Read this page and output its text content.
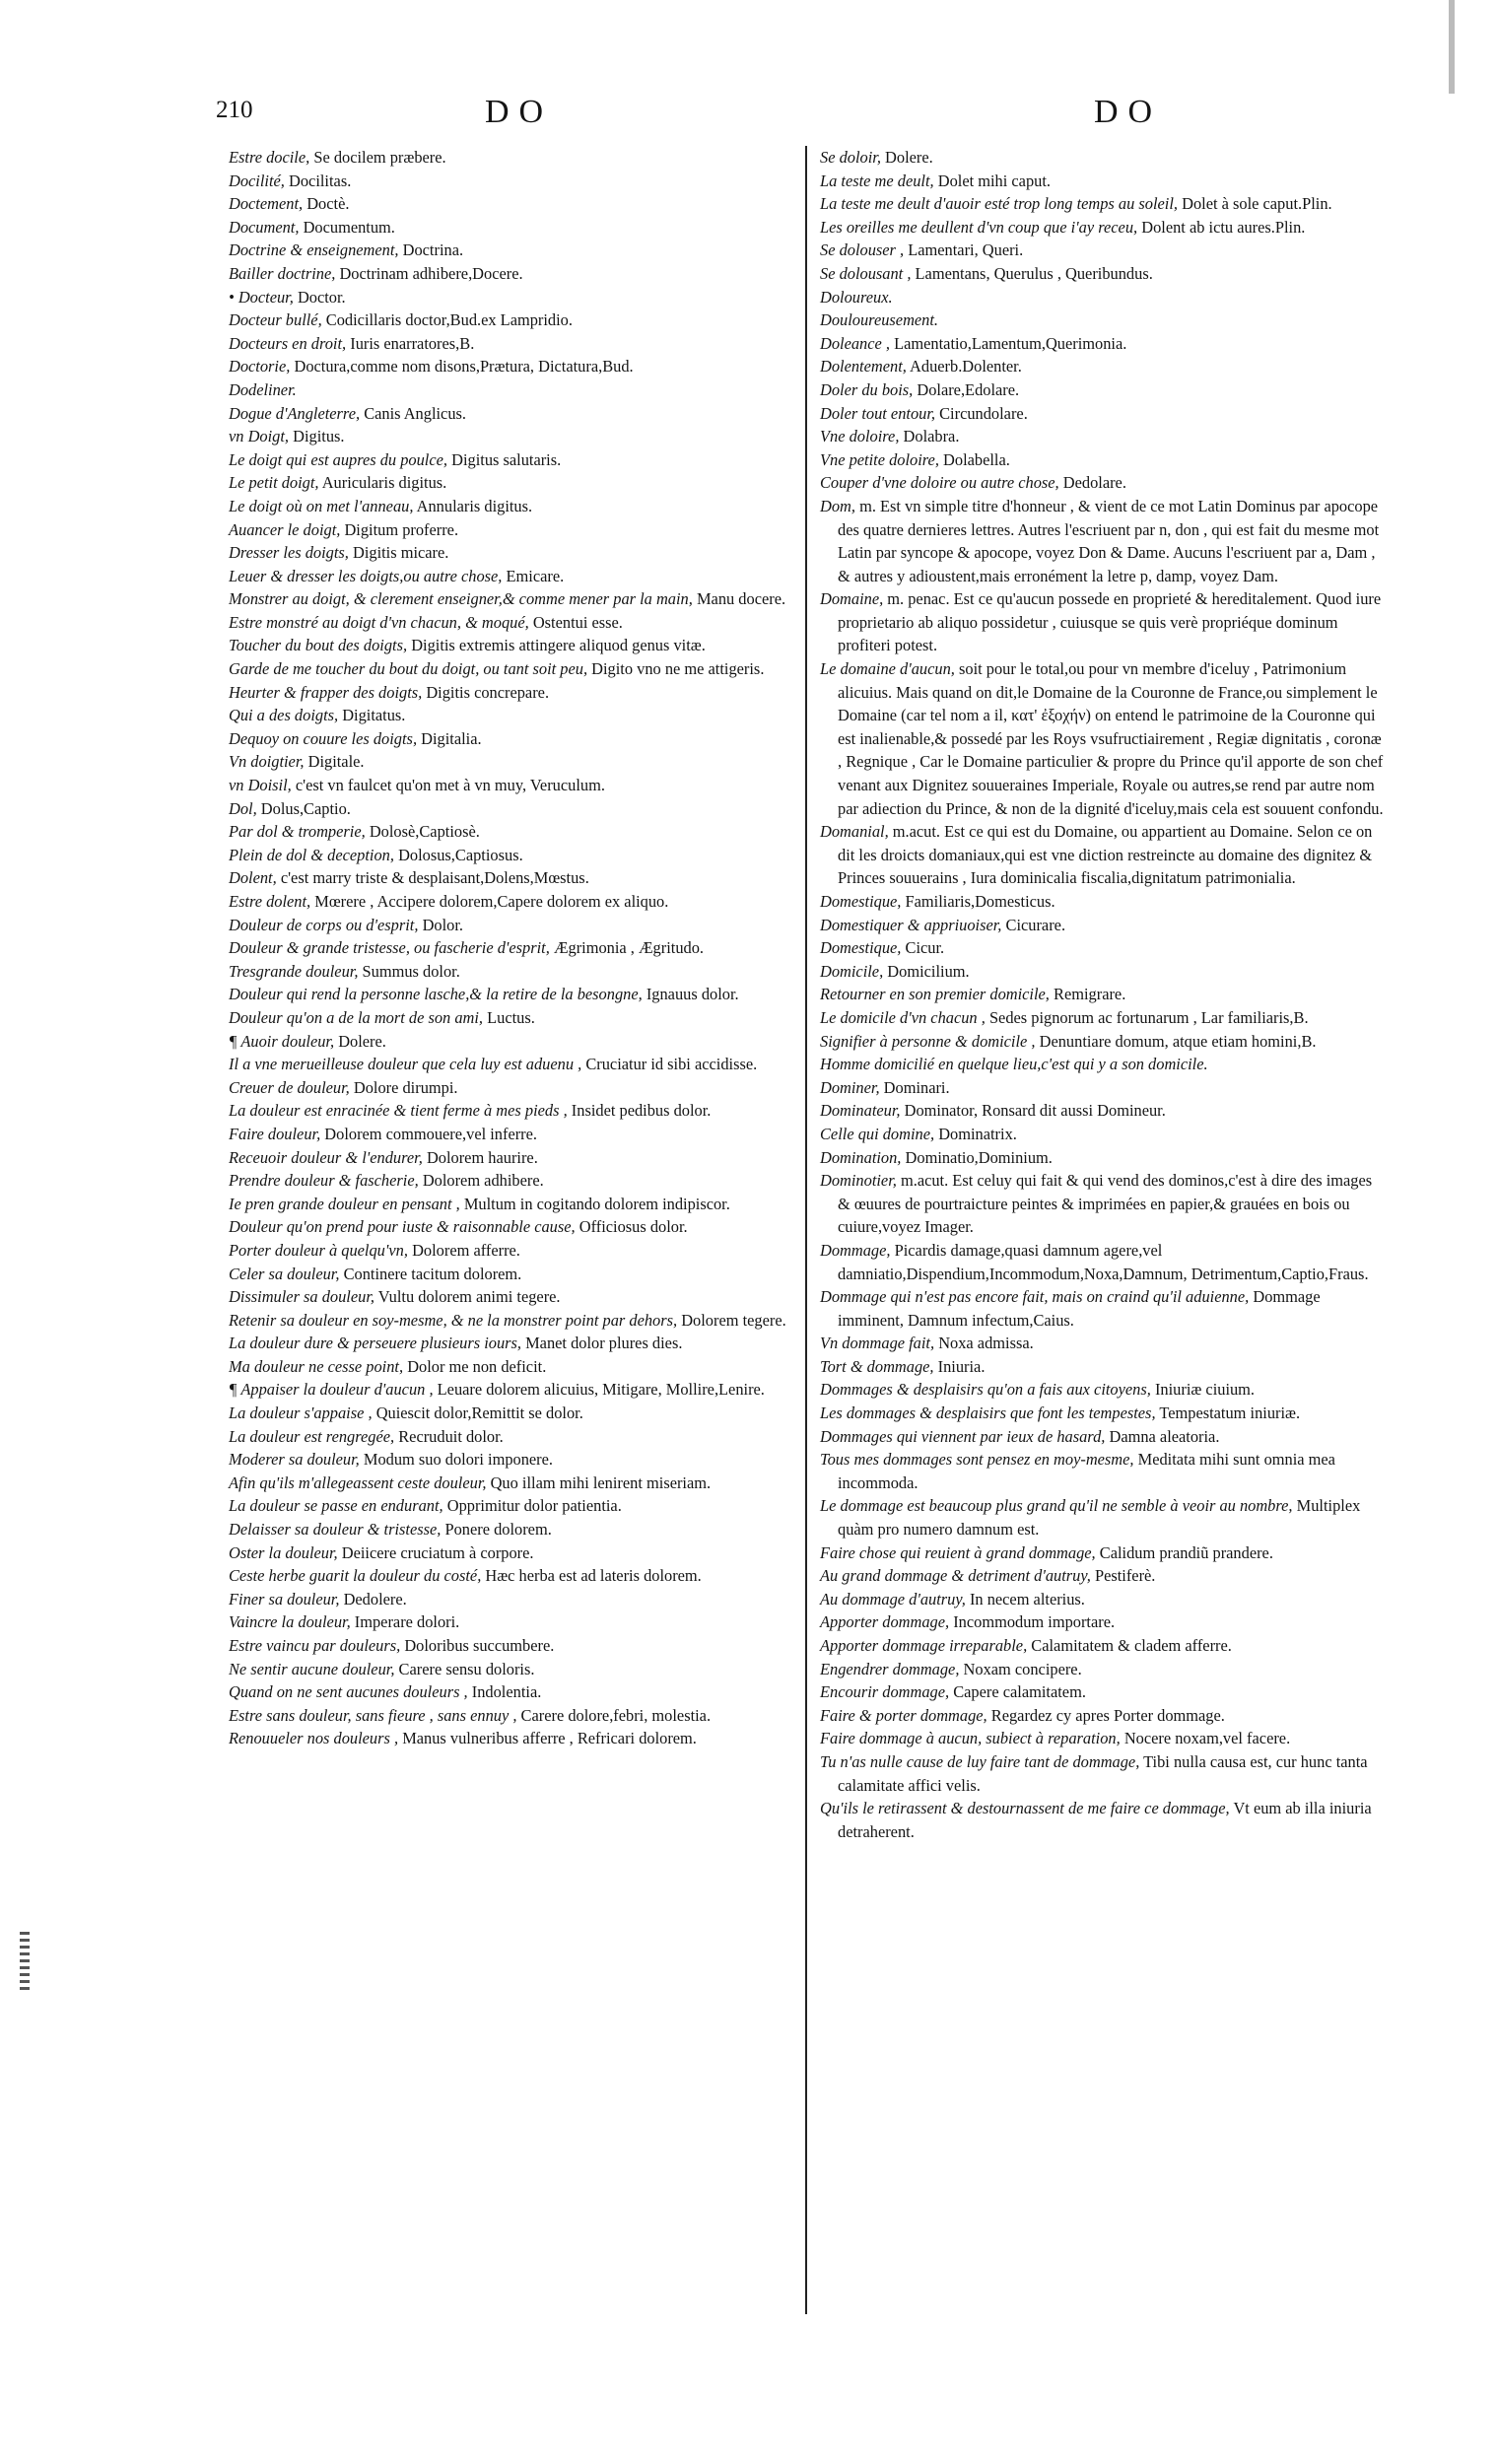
210	DO	DO
Estre docile, Se docilem præbere.
Docilité, Docilitas.
Doctement, Doctè.
Document, Documentum.
Doctrine & enseignement, Doctrina.
Bailler doctrine, Doctrinam adhibere,Docere.
• Docteur, Doctor.
Docteur bullé, Codicillaris doctor,Bud.ex Lampridio.
Docteurs en droit, Iuris enarratores,B.
Doctorie, Doctura,comme nom disons,Prætura, Dictatura,Bud.
Dodeliner.
Dogue d'Angleterre, Canis Anglicus.
vn Doigt, Digitus.
Le doigt qui est aupres du poulce, Digitus salutaris.
Le petit doigt, Auricularis digitus.
Le doigt où on met l'anneau, Annularis digitus.
Auancer le doigt, Digitum proferre.
Dresser les doigts, Digitis micare.
Leuer & dresser les doigts,ou autre chose, Emicare.
Monstrer au doigt, & clerement enseigner,& comme mener par la main, Manu docere.
Estre monstré au doigt d'vn chacun, & moqué, Ostentui esse.
Toucher du bout des doigts, Digitis extremis attingere aliquod genus vitæ.
Garde de me toucher du bout du doigt, ou tant soit peu, Digito vno ne me attigeris.
Heurter & frapper des doigts, Digitis concrepare.
Qui a des doigts, Digitatus.
Dequoy on couure les doigts, Digitalia.
Vn doigtier, Digitale.
vn Doisil, c'est vn faulcet qu'on met à vn muy, Veruculum.
Dol, Dolus,Captio.
Par dol & tromperie, Dolosè,Captiosè.
Plein de dol & deception, Dolosus,Captiosus.
Dolent, c'est marry triste & desplaisant,Dolens,Mœstus.
Estre dolent, Mœrere , Accipere dolorem,Capere dolorem ex aliquo.
Douleur de corps ou d'esprit, Dolor.
Douleur & grande tristesse, ou fascherie d'esprit, Ægrimonia , Ægritudo.
Tresgrande douleur, Summus dolor.
Douleur qui rend la personne lasche,& la retire de la besongne, Ignauus dolor.
Douleur qu'on a de la mort de son ami, Luctus.
¶ Auoir douleur, Dolere.
Il a vne merueilleuse douleur que cela luy est aduenu , Cruciatur id sibi accidisse.
Creuer de douleur, Dolore dirumpi.
La douleur est enracinée & tient ferme à mes pieds , Insidet pedibus dolor.
Faire douleur, Dolorem commouere,vel inferre.
Receuoir douleur & l'endurer, Dolorem haurire.
Prendre douleur & fascherie, Dolorem adhibere.
Ie pren grande douleur en pensant , Multum in cogitando dolorem indipiscor.
Douleur qu'on prend pour iuste & raisonnable cause, Officiosus dolor.
Porter douleur à quelqu'vn, Dolorem afferre.
Celer sa douleur, Continere tacitum dolorem.
Dissimuler sa douleur, Vultu dolorem animi tegere.
Retenir sa douleur en soy-mesme, & ne la monstrer point par dehors, Dolorem tegere.
La douleur dure & perseuere plusieurs iours, Manet dolor plures dies.
Ma douleur ne cesse point, Dolor me non deficit.
¶ Appaiser la douleur d'aucun , Leuare dolorem alicuius, Mitigare, Mollire,Lenire.
La douleur s'appaise , Quiescit dolor,Remittit se dolor.
La douleur est rengregée, Recruduit dolor.
Moderer sa douleur, Modum suo dolori imponere.
Afin qu'ils m'allegeassent ceste douleur, Quo illam mihi lenirent miseriam.
La douleur se passe en endurant, Opprimitur dolor patientia.
Delaisser sa douleur & tristesse, Ponere dolorem.
Oster la douleur, Deiicere cruciatum à corpore.
Ceste herbe guarit la douleur du costé, Hæc herba est ad lateris dolorem.
Finer sa douleur, Dedolere.
Vaincre la douleur, Imperare dolori.
Estre vaincu par douleurs, Doloribus succumbere.
Ne sentir aucune douleur, Carere sensu doloris.
Quand on ne sent aucunes douleurs , Indolentia.
Estre sans douleur, sans fieure , sans ennuy , Carere dolore,febri, molestia.
Renouueler nos douleurs , Manus vulneribus afferre , Refricari dolorem.
Se doloir, Dolere.
La teste me deult, Dolet mihi caput.
La teste me deult d'auoir esté trop long temps au soleil, Dolet à sole caput.Plin.
Les oreilles me deullent d'vn coup que i'ay receu, Dolent ab ictu aures.Plin.
Se dolouser , Lamentari, Queri.
Se dolousant , Lamentans, Querulus , Queribundus.
Doloureux.
Douloureusement.
Doleance , Lamentatio,Lamentum,Querimonia.
Dolentement, Aduerb.Dolenter.
Doler du bois, Dolare,Edolare.
Doler tout entour, Circundolare.
Vne doloire, Dolabra.
Vne petite doloire, Dolabella.
Couper d'vne doloire ou autre chose, Dedolare.
Dom, m. Est vn simple titre d'honneur , & vient de ce mot Latin Dominus par apocope des quatre dernieres lettres. Autres l'escriuent par n, don , qui est fait du mesme mot Latin par syncope & apocope, voyez Don & Dame. Aucuns l'escriuent par a, Dam , & autres y adioustent,mais erronément la letre p, damp, voyez Dam.
Domaine, m. penac. Est ce qu'aucun possede en proprieté & hereditalement. Quod iure proprietario ab aliquo possidetur , cuiusque se quis verè propriéque dominum profiteri potest.
Le domaine d'aucun, soit pour le total,ou pour vn membre d'iceluy , Patrimonium alicuius. Mais quand on dit,le Domaine de la Couronne de France,ou simplement le Domaine (car tel nom a il, κατ' ἐξοχήν) on entend le patrimoine de la Couronne qui est inalienable,& possedé par les Roys vsufructiairement , Regiæ dignitatis , coronæ , Regnique , Car le Domaine particulier & propre du Prince qu'il apporte de son chef venant aux Dignitez souueraines Imperiale, Royale ou autres,se rend par autre nom par adiection du Prince, & non de la dignité d'iceluy,mais cela est souuent confondu.
Domanial, m.acut. Est ce qui est du Domaine, ou appartient au Domaine. Selon ce on dit les droicts domaniaux,qui est vne diction restreincte au domaine des dignitez & Princes souuerains , Iura dominicalia fiscalia,dignitatum patrimonialia.
Domestique, Familiaris,Domesticus.
Domestiquer & appriuoiser, Cicurare.
Domestique, Cicur.
Domicile, Domicilium.
Retourner en son premier domicile, Remigrare.
Le domicile d'vn chacun , Sedes pignorum ac fortunarum , Lar familiaris,B.
Signifier à personne & domicile , Denuntiare domum, atque etiam homini,B.
Homme domicilié en quelque lieu,c'est qui y a son domicile.
Dominer, Dominari.
Dominateur, Dominator, Ronsard dit aussi Domineur.
Celle qui domine, Dominatrix.
Domination, Dominatio,Dominium.
Dominotier, m.acut. Est celuy qui fait & qui vend des dominos,c'est à dire des images & œuures de pourtraicture peintes & imprimées en papier,& grauées en bois ou cuiure,voyez Imager.
Dommage, Picardis damage,quasi damnum agere,vel damniatio,Dispendium,Incommodum,Noxa,Damnum, Detrimentum,Captio,Fraus.
Dommage qui n'est pas encore fait, mais on craind qu'il aduienne, Dommage imminent, Damnum infectum,Caius.
Vn dommage fait, Noxa admissa.
Tort & dommage, Iniuria.
Dommages & desplaisirs qu'on a fais aux citoyens, Iniuriæ ciuium.
Les dommages & desplaisirs que font les tempestes, Tempestatum iniuriæ.
Dommages qui viennent par ieux de hasard, Damna aleatoria.
Tous mes dommages sont pensez en moy-mesme, Meditata mihi sunt omnia mea incommoda.
Le dommage est beaucoup plus grand qu'il ne semble à veoir au nombre, Multiplex quàm pro numero damnum est.
Faire chose qui reuient à grand dommage, Calidum prandiũ prandere.
Au grand dommage & detriment d'autruy, Pestiferè.
Au dommage d'autruy, In necem alterius.
Apporter dommage, Incommodum importare.
Apporter dommage irreparable, Calamitatem & cladem afferre.
Engendrer dommage, Noxam concipere.
Encourir dommage, Capere calamitatem.
Faire & porter dommage, Regardez cy apres Porter dommage.
Faire dommage à aucun, subiect à reparation, Nocere noxam,vel facere.
Tu n'as nulle cause de luy faire tant de dommage, Tibi nulla causa est, cur hunc tanta calamitate affici velis.
Qu'ils le retirassent & destournassent de me faire ce dommage, Vt eum ab illa iniuria detraherent.
